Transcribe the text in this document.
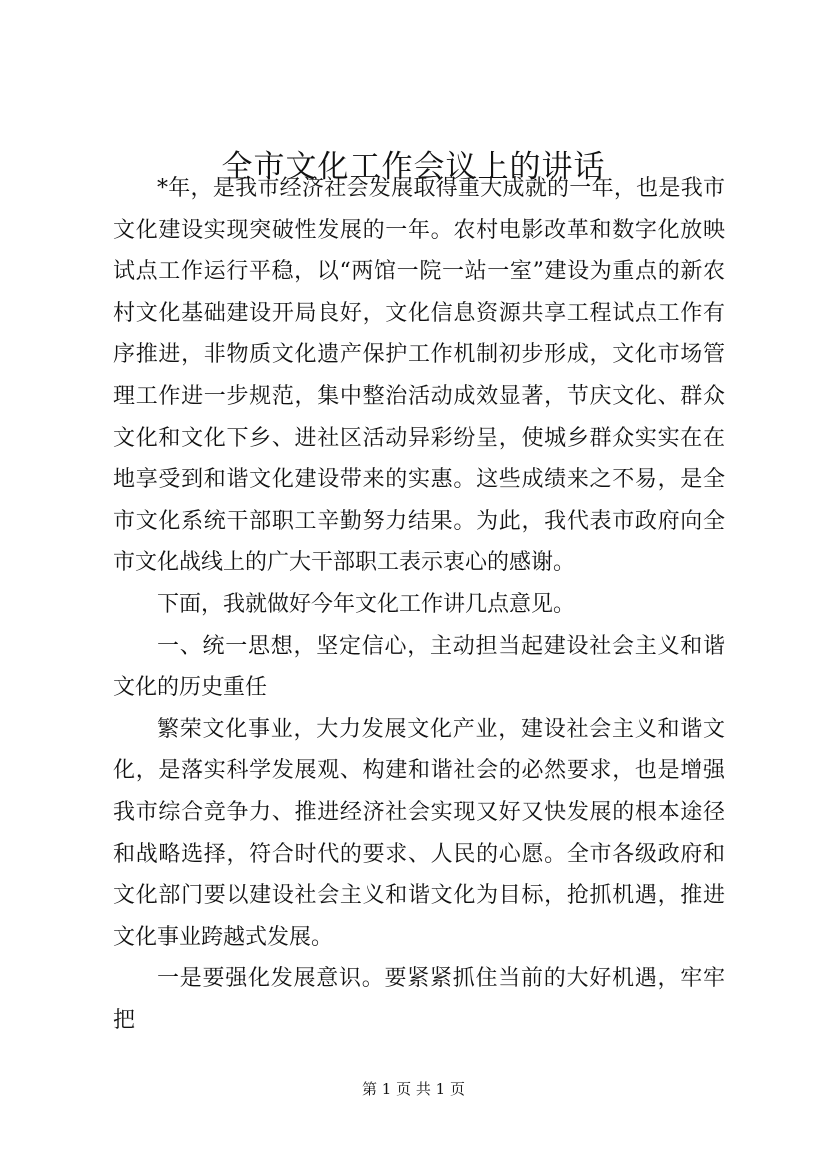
全市文化工作会议上的讲话

*年，是我市经济社会发展取得重大成就的一年，也是我市文化建设实现突破性发展的一年。农村电影改革和数字化放映试点工作运行平稳，以“两馆一院一站一室”建设为重点的新农村文化基础建设开局良好，文化信息资源共享工程试点工作有序推进，非物质文化遗产保护工作机制初步形成，文化市场管理工作进一步规范，集中整治活动成效显著，节庆文化、群众文化和文化下乡、进社区活动异彩纷呈，使城乡群众实实在在地享受到和谐文化建设带来的实惠。这些成绩来之不易，是全市文化系统干部职工辛勤努力结果。为此，我代表市政府向全市文化战线上的广大干部职工表示衷心的感谢。

下面，我就做好今年文化工作讲几点意见。

一、统一思想，坚定信心，主动担当起建设社会主义和谐文化的历史重任

繁荣文化事业，大力发展文化产业，建设社会主义和谐文化，是落实科学发展观、构建和谐社会的必然要求，也是增强我市综合竞争力、推进经济社会实现又好又快发展的根本途径和战略选择，符合时代的要求、人民的心愿。全市各级政府和文化部门要以建设社会主义和谐文化为目标，抢抓机遇，推进文化事业跨越式发展。

一是要强化发展意识。要紧紧抓住当前的大好机遇，牢牢把

第 1 页 共 1 页
